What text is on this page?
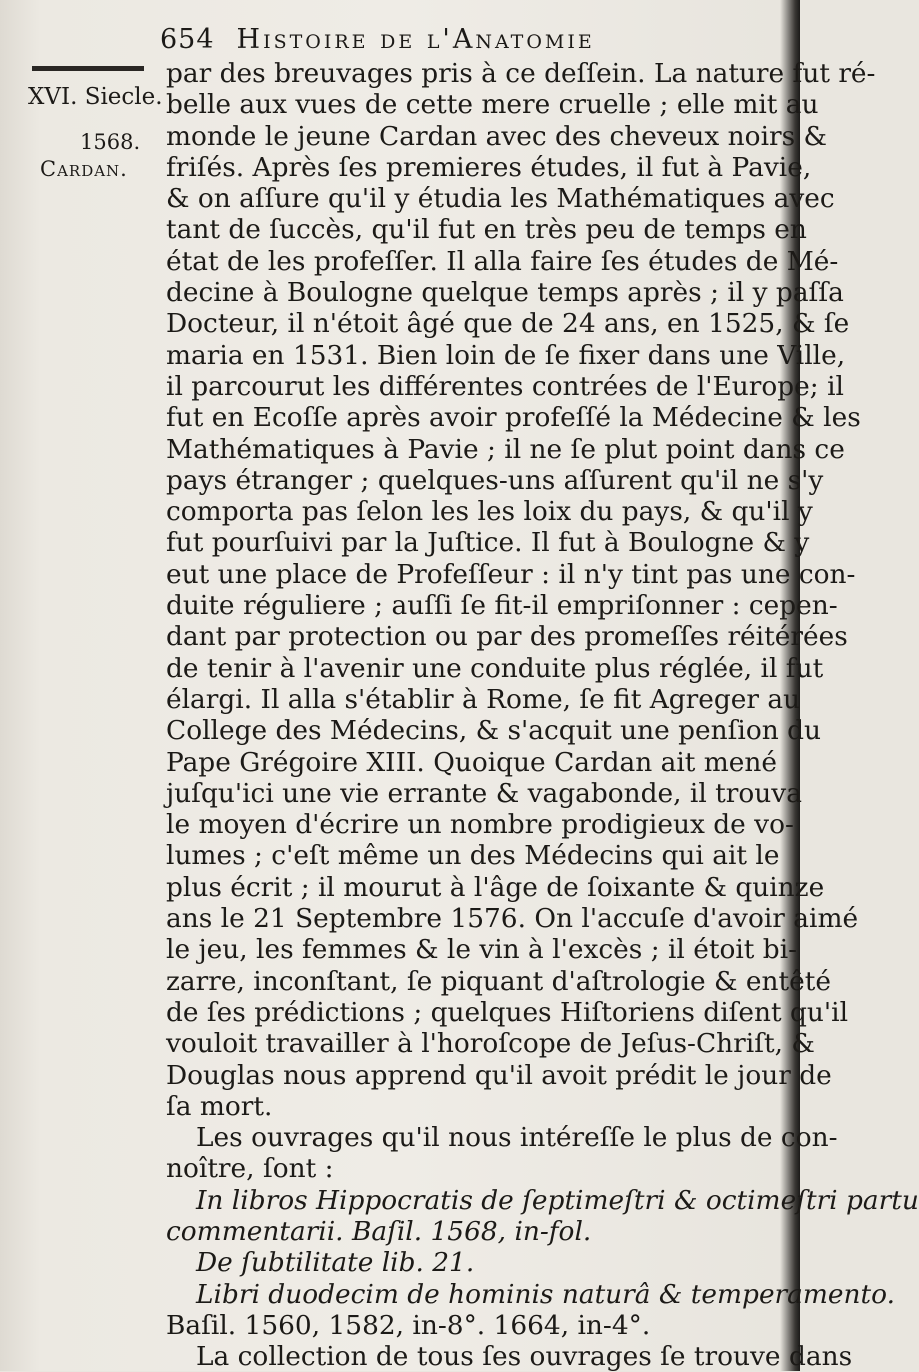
654 Histoire de l'Anatomie
XVI. Siecle.
1568.
Cardan.
par des breuvages pris à ce deſſein. La nature fut ré-
belle aux vues de cette mere cruelle ; elle mit au
monde le jeune Cardan avec des cheveux noirs &
friſés. Après ſes premieres études, il fut à Pavie,
& on aſſure qu'il y étudia les Mathématiques avec
tant de ſuccès, qu'il fut en très peu de temps en
état de les profeſſer. Il alla faire ſes études de Mé-
decine à Boulogne quelque temps après ; il y paſſa
Docteur, il n'étoit âgé que de 24 ans, en 1525, & ſe
maria en 1531. Bien loin de ſe fixer dans une Ville,
il parcourut les différentes contrées de l'Europe; il
fut en Ecoſſe après avoir profeſſé la Médecine & les
Mathématiques à Pavie ; il ne ſe plut point dans ce
pays étranger ; quelques-uns aſſurent qu'il ne s'y
comporta pas ſelon les les loix du pays, & qu'il y
fut pourſuivi par la Juſtice. Il fut à Boulogne & y
eut une place de Profeſſeur : il n'y tint pas une con-
duite réguliere ; auſſi ſe fit-il empriſonner : cepen-
dant par protection ou par des promeſſes réitérées
de tenir à l'avenir une conduite plus réglée, il fut
élargi. Il alla s'établir à Rome, ſe fit Agreger au
College des Médecins, & s'acquit une penſion du
Pape Grégoire XIII. Quoique Cardan ait mené
juſqu'ici une vie errante & vagabonde, il trouva
le moyen d'écrire un nombre prodigieux de vo-
lumes ; c'eſt même un des Médecins qui ait le
plus écrit ; il mourut à l'âge de ſoixante & quinze
ans le 21 Septembre 1576. On l'accuſe d'avoir aimé
le jeu, les femmes & le vin à l'excès ; il étoit bi-
zarre, inconſtant, ſe piquant d'aſtrologie & entêté
de ſes prédictions ; quelques Hiſtoriens diſent qu'il
vouloit travailler à l'horoſcope de Jeſus-Chriſt, &
Douglas nous apprend qu'il avoit prédit le jour de
ſa mort.
Les ouvrages qu'il nous intéreſſe le plus de con-
noître, ſont :
In libros Hippocratis de ſeptimeſtri & octimeſtri partu
commentarii. Baſil. 1568, in-fol.
De ſubtilitate lib. 21.
Libri duodecim de hominis naturâ & temperamento.
Baſil. 1560, 1582, in-8°. 1664, in-4°.
La collection de tous ſes ouvrages ſe trouve dans
